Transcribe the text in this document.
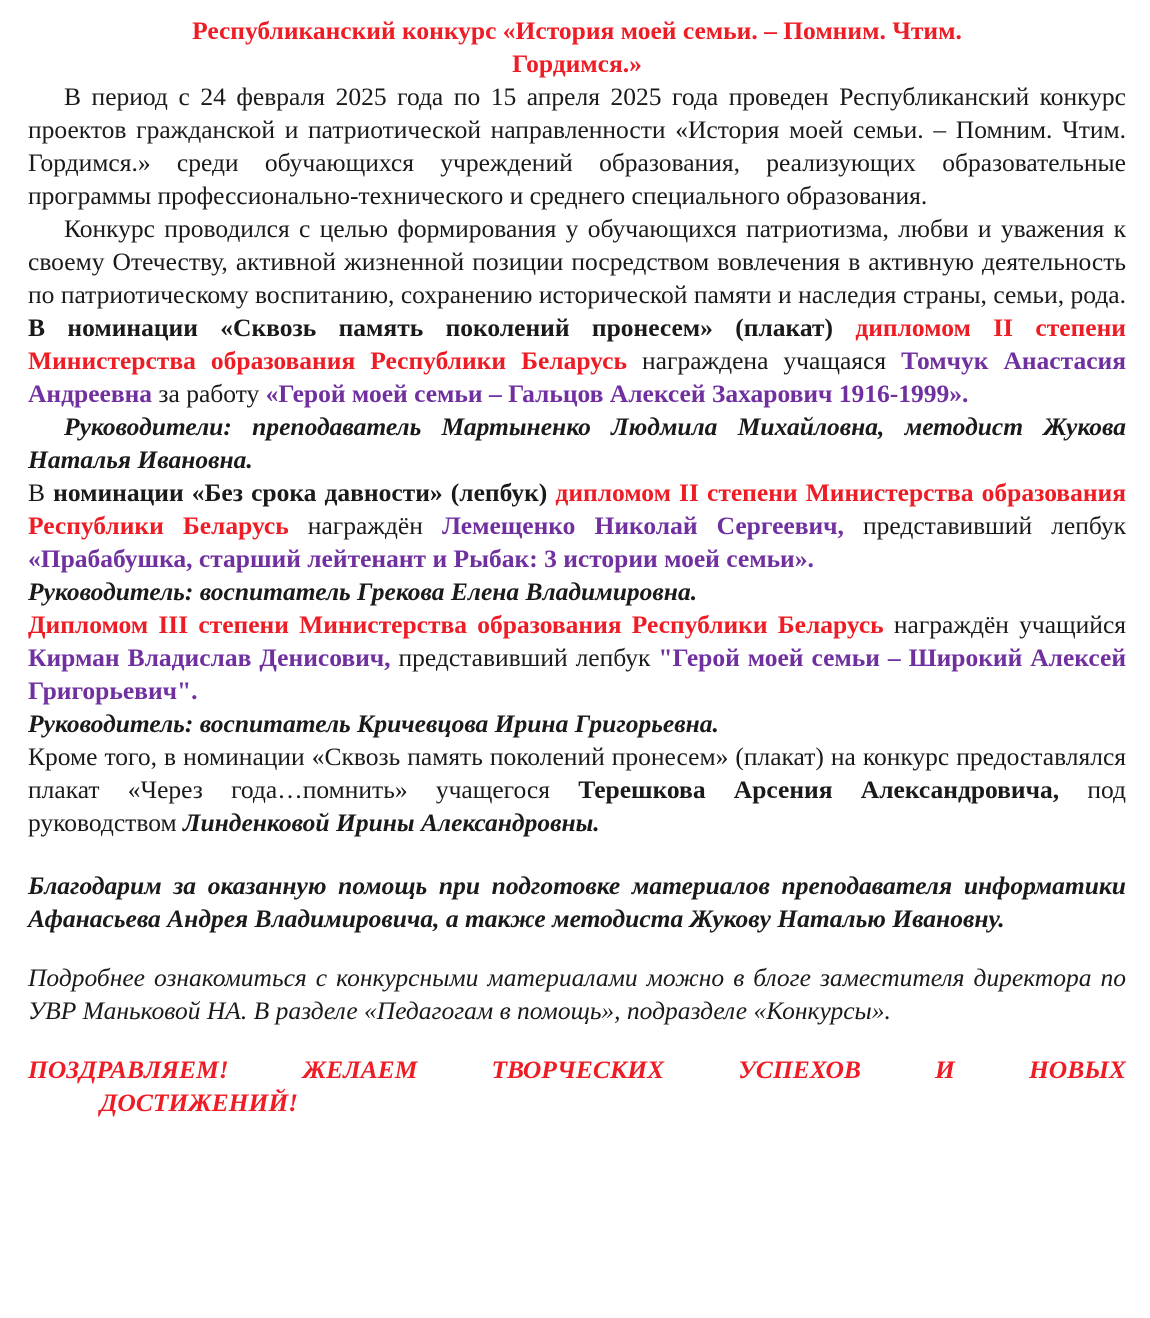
Республиканский конкурс «История моей семьи. – Помним. Чтим.
Гордимся.»

В период с 24 февраля 2025 года по 15 апреля 2025 года проведен Республиканский конкурс проектов гражданской и патриотической направленности «История моей семьи. – Помним. Чтим. Гордимся.» среди обучающихся учреждений образования, реализующих образовательные программы профессионально-технического и среднего специального образования.

Конкурс проводился с целью формирования у обучающихся патриотизма, любви и уважения к своему Отечеству, активной жизненной позиции посредством вовлечения в активную деятельность по патриотическому воспитанию, сохранению исторической памяти и наследия страны, семьи, рода. В номинации «Сквозь память поколений пронесем» (плакат) дипломом II степени Министерства образования Республики Беларусь награждена учащаяся Томчук Анастасия Андреевна за работу «Герой моей семьи – Гальцов Алексей Захарович 1916-1999».

Руководители: преподаватель Мартыненко Людмила Михайловна, методист Жукова Наталья Ивановна.

В номинации «Без срока давности» (лепбук) дипломом II степени Министерства образования Республики Беларусь награждён Лемещенко Николай Сергеевич, представивший лепбук «Прабабушка, старший лейтенант и Рыбак: 3 истории моей семьи».

Руководитель: воспитатель Грекова Елена Владимировна.

Дипломом III степени Министерства образования Республики Беларусь награждён учащийся Кирман Владислав Денисович, представивший лепбук "Герой моей семьи – Широкий Алексей Григорьевич".

Руководитель: воспитатель Кричевцова Ирина Григорьевна.

Кроме того, в номинации «Сквозь память поколений пронесем» (плакат) на конкурс предоставлялся плакат «Через года…помнить» учащегося Терешкова Арсения Александровича, под руководством Линденковой Ирины Александровны.

Благодарим за оказанную помощь при подготовке материалов преподавателя информатики Афанасьева Андрея Владимировича, а также методиста Жукову Наталью Ивановну.

Подробнее ознакомиться с конкурсными материалами можно в блоге заместителя директора по УВР Маньковой НА. В разделе «Педагогам в помощь», подразделе «Конкурсы».

ПОЗДРАВЛЯЕМ!	ЖЕЛАЕМ	ТВОРЧЕСКИХ	УСПЕХОВ	И	НОВЫХ
ДОСТИЖЕНИЙ!
